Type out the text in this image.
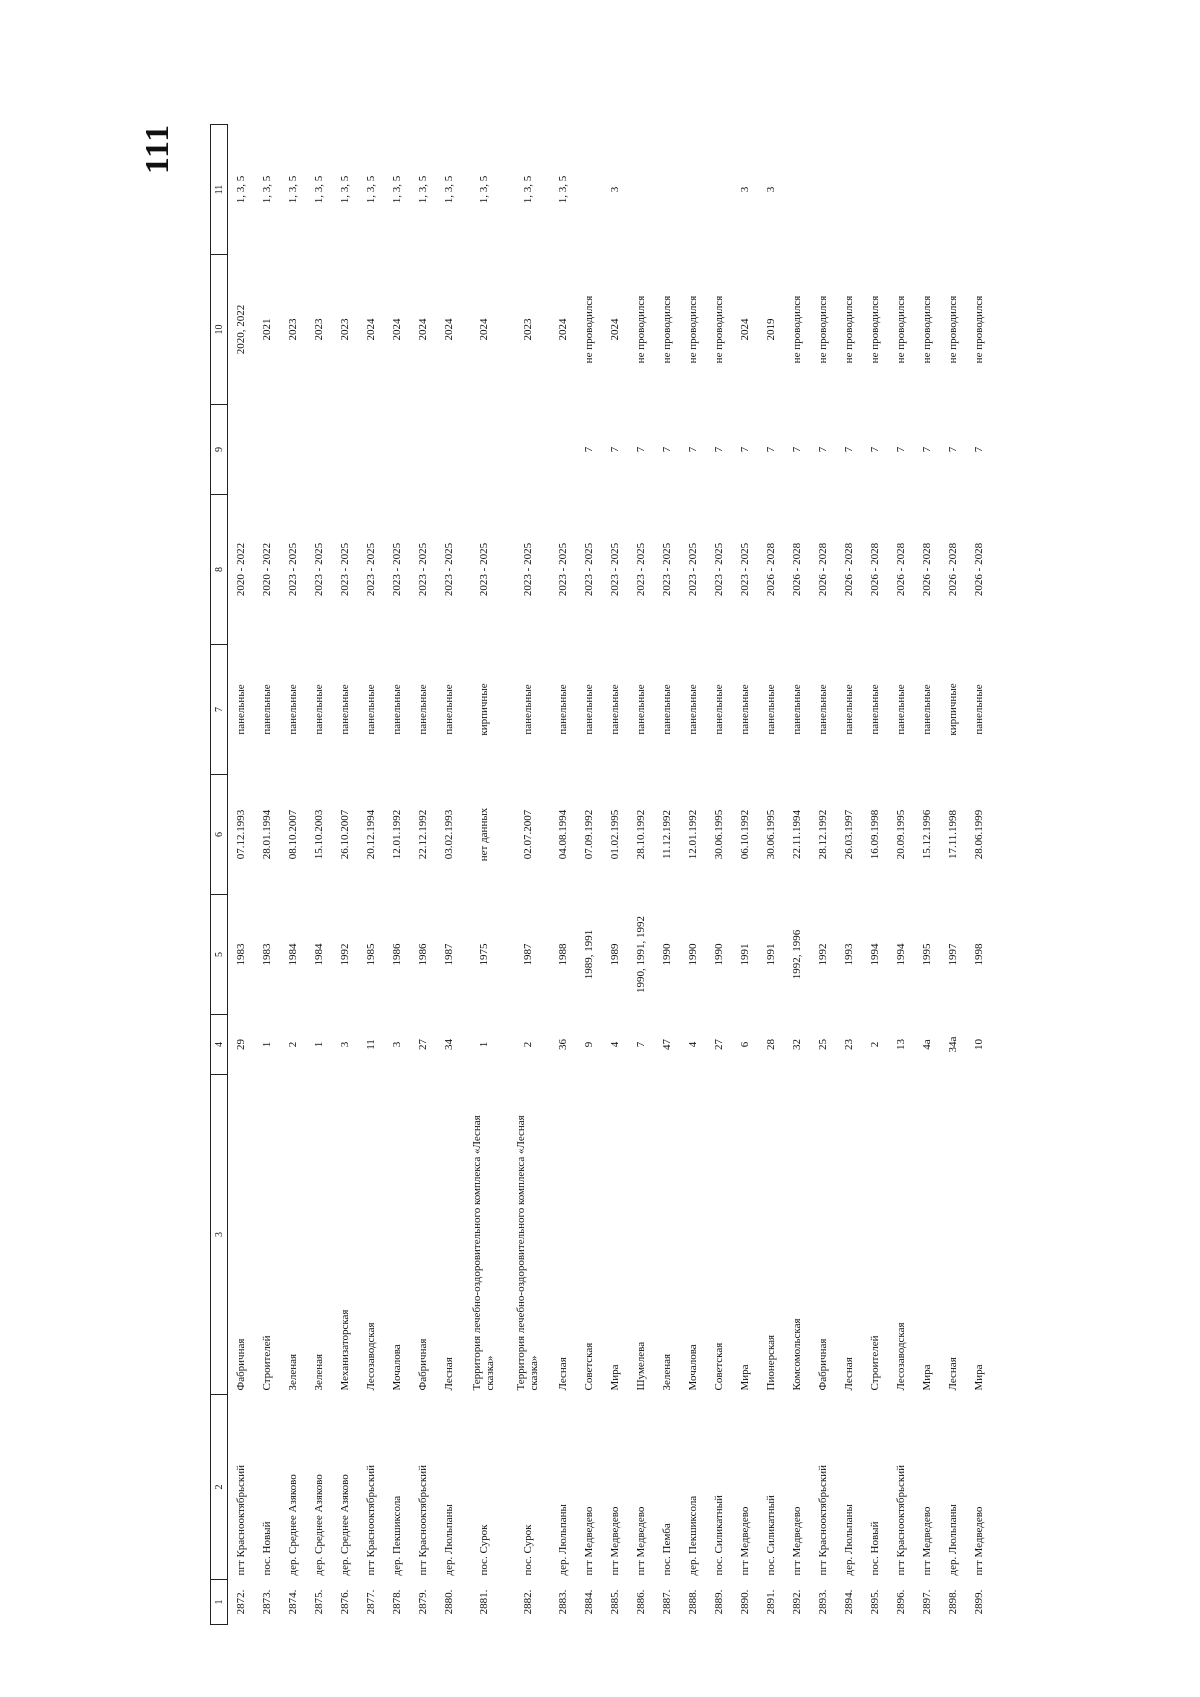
111
1	2	3	4	5	6	7	8	9	10	11
2872.	пгт Краснооктябрьский	Фабричная	29	1983	07.12.1993	панельные	2020 - 2022		2020, 2022	1, 3, 5
2873.	пос. Новый	Строителей	1	1983	28.01.1994	панельные	2020 - 2022		2021	1, 3, 5
2874.	дер. Среднее Азяково	Зеленая	2	1984	08.10.2007	панельные	2023 - 2025		2023	1, 3, 5
2875.	дер. Среднее Азяково	Зеленая	1	1984	15.10.2003	панельные	2023 - 2025		2023	1, 3, 5
2876.	дер. Среднее Азяково	Механизаторская	3	1992	26.10.2007	панельные	2023 - 2025		2023	1, 3, 5
2877.	пгт Краснооктябрьский	Лесозаводская	11	1985	20.12.1994	панельные	2023 - 2025		2024	1, 3, 5
2878.	дер. Пекшиксола	Мочалова	3	1986	12.01.1992	панельные	2023 - 2025		2024	1, 3, 5
2879.	пгт Краснооктябрьский	Фабричная	27	1986	22.12.1992	панельные	2023 - 2025		2024	1, 3, 5
2880.	дер. Люльпаны	Лесная	34	1987	03.02.1993	панельные	2023 - 2025		2024	1, 3, 5
2881.	пос. Сурок	Территория лечебно-оздоровительного комплекса «Лесная сказка»	1	1975	нет данных	кирпичные	2023 - 2025		2024	1, 3, 5
2882.	пос. Сурок	Территория лечебно-оздоровительного комплекса «Лесная сказка»	2	1987	02.07.2007	панельные	2023 - 2025		2023	1, 3, 5
2883.	дер. Люльпаны	Лесная	36	1988	04.08.1994	панельные	2023 - 2025		2024	1, 3, 5
2884.	пгт Медведево	Советская	9	1989, 1991	07.09.1992	панельные	2023 - 2025	7	не проводился	
2885.	пгт Медведево	Мира	4	1989	01.02.1995	панельные	2023 - 2025	7	2024	3
2886.	пгт Медведево	Шумелева	7	1990, 1991, 1992	28.10.1992	панельные	2023 - 2025	7	не проводился	
2887.	пос. Пемба	Зеленая	47	1990	11.12.1992	панельные	2023 - 2025	7	не проводился	
2888.	дер. Пекшиксола	Мочалова	4	1990	12.01.1992	панельные	2023 - 2025	7	не проводился	
2889.	пос. Силикатный	Советская	27	1990	30.06.1995	панельные	2023 - 2025	7	не проводился	
2890.	пгт Медведево	Мира	6	1991	06.10.1992	панельные	2023 - 2025	7	2024	3
2891.	пос. Силикатный	Пионерская	28	1991	30.06.1995	панельные	2026 - 2028	7	2019	3
2892.	пгт Медведево	Комсомольская	32	1992, 1996	22.11.1994	панельные	2026 - 2028	7	не проводился	
2893.	пгт Краснооктябрьский	Фабричная	25	1992	28.12.1992	панельные	2026 - 2028	7	не проводился	
2894.	дер. Люльпаны	Лесная	23	1993	26.03.1997	панельные	2026 - 2028	7	не проводился	
2895.	пос. Новый	Строителей	2	1994	16.09.1998	панельные	2026 - 2028	7	не проводился	
2896.	пгт Краснооктябрьский	Лесозаводская	13	1994	20.09.1995	панельные	2026 - 2028	7	не проводился	
2897.	пгт Медведево	Мира	4а	1995	15.12.1996	панельные	2026 - 2028	7	не проводился	
2898.	дер. Люльпаны	Лесная	34а	1997	17.11.1998	кирпичные	2026 - 2028	7	не проводился	
2899.	пгт Медведево	Мира	10	1998	28.06.1999	панельные	2026 - 2028	7	не проводился	
